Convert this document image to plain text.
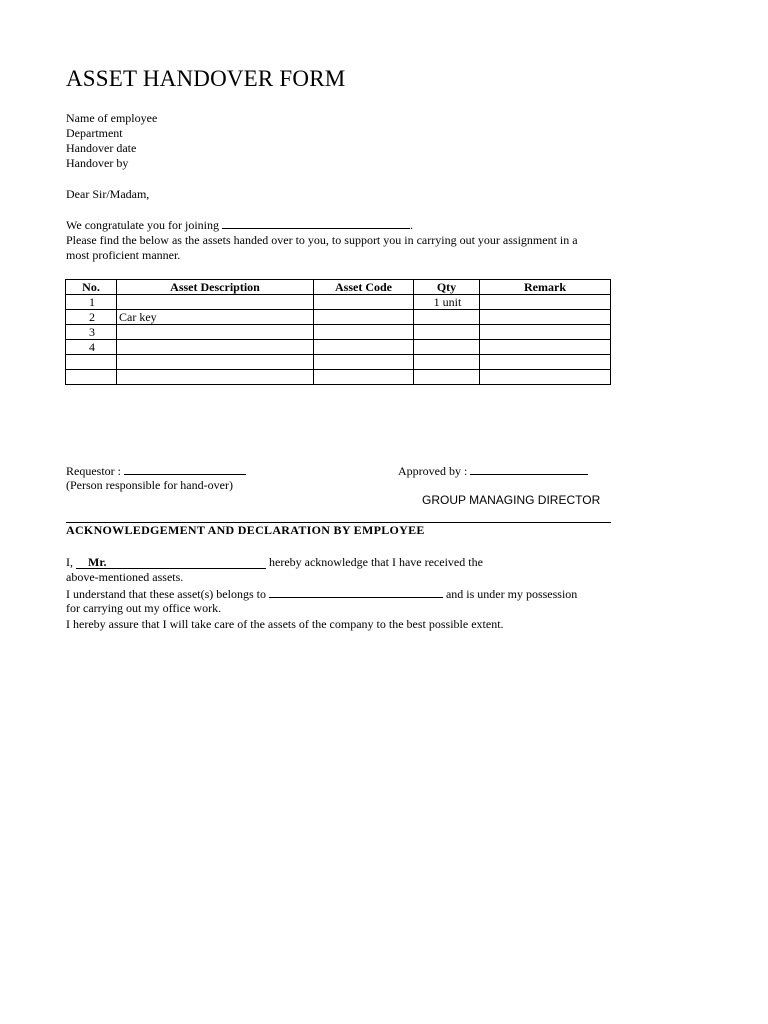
ASSET HANDOVER FORM
Name of employee
Department
Handover date
Handover by
Dear Sir/Madam,
We congratulate you for joining	.
Please find the below as the assets handed over to you, to support you in carrying out your assignment in a
most proficient manner.
No.	Asset Description	Asset Code	Qty	Remark
1			1 unit	
2	Car key			
3				
4				

Requestor :
(Person responsible for hand-over)
Approved by :
GROUP MANAGING DIRECTOR
ACKNOWLEDGEMENT AND DECLARATION BY EMPLOYEE
I, Mr.	hereby acknowledge that I have received the
above-mentioned assets.
I understand that these asset(s) belongs to	and is under my possession
for carrying out my office work.
I hereby assure that I will take care of the assets of the company to the best possible extent.
